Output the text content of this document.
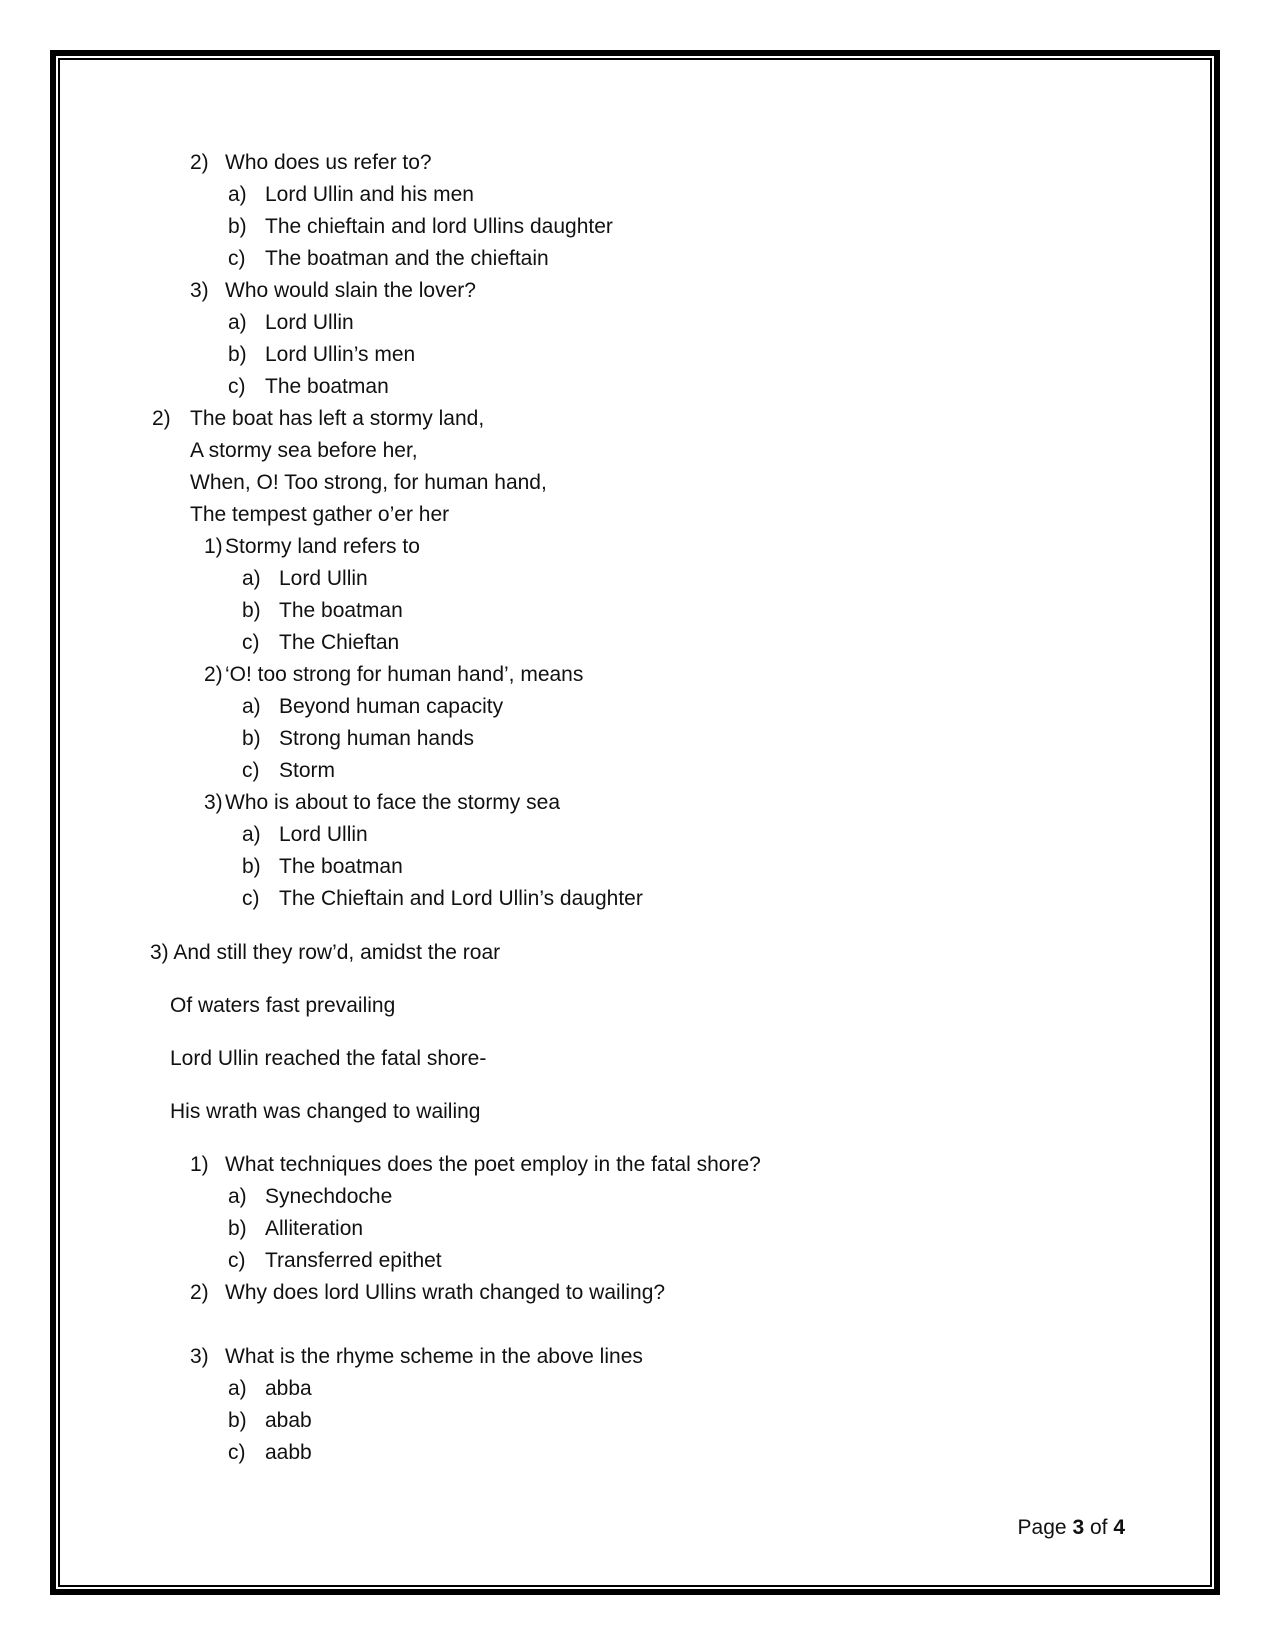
2) Who does us refer to?
a) Lord Ullin and his men
b) The chieftain and lord Ullins daughter
c) The boatman and the chieftain
3) Who would slain the lover?
a) Lord Ullin
b) Lord Ullin’s men
c) The boatman
2) The boat has left a stormy land,
A stormy sea before her,
When, O! Too strong, for human hand,
The tempest gather o’er her
1) Stormy land refers to
a) Lord Ullin
b) The boatman
c) The Chieftan
2) ‘O! too strong for human hand’, means
a) Beyond human capacity
b) Strong human hands
c) Storm
3) Who is about to face the stormy sea
a) Lord Ullin
b) The boatman
c) The Chieftain and Lord Ullin’s daughter
3) And still they row’d, amidst the roar
Of waters fast prevailing
Lord Ullin reached the fatal shore-
His wrath was changed to wailing
1) What techniques does the poet employ in the fatal shore?
a) Synechdoche
b) Alliteration
c) Transferred epithet
2) Why does lord Ullins wrath changed to wailing?
3) What is the rhyme scheme in the above lines
a) abba
b) abab
c) aabb
Page 3 of 4
